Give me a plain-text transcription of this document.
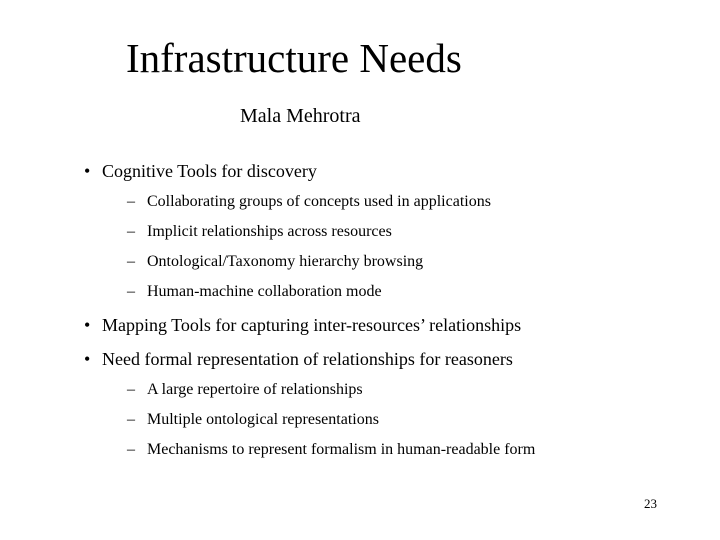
Infrastructure Needs
Mala Mehrotra
• Cognitive Tools for discovery
– Collaborating groups of concepts used in applications
– Implicit relationships across resources
– Ontological/Taxonomy hierarchy browsing
– Human-machine collaboration mode
• Mapping Tools for capturing inter-resources’ relationships
• Need formal representation of relationships for reasoners
– A large repertoire of relationships
– Multiple ontological representations
– Mechanisms to represent formalism in human-readable form
23
